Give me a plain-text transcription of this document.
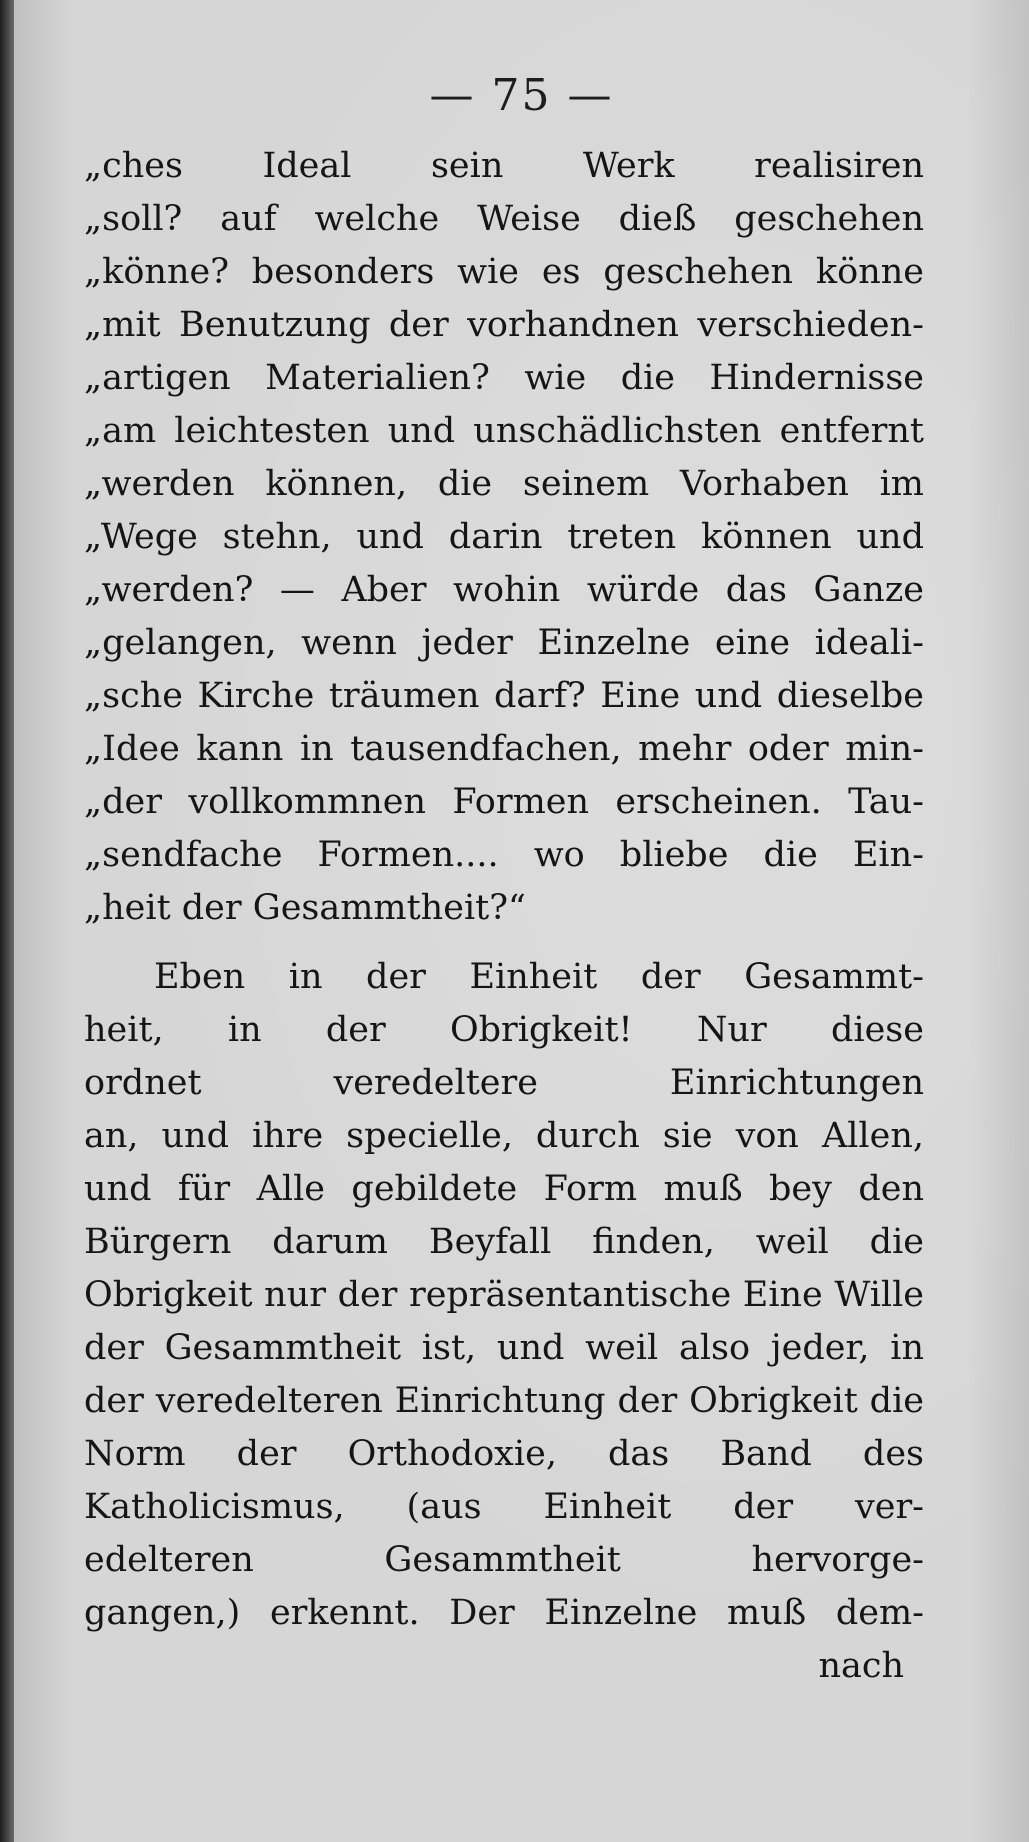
— 75 —
„ches Ideal sein Werk realisiren
„soll? auf welche Weise dieß geschehen
„könne? besonders wie es geschehen könne
„mit Benutzung der vorhandnen verschieden-
„artigen Materialien? wie die Hindernisse
„am leichtesten und unschädlichsten entfernt
„werden können, die seinem Vorhaben im
„Wege stehn, und darin treten können und
„werden? — Aber wohin würde das Ganze
„gelangen, wenn jeder Einzelne eine ideali-
„sche Kirche träumen darf? Eine und dieselbe
„Idee kann in tausendfachen, mehr oder min-
„der vollkommnen Formen erscheinen. Tau-
„sendfache Formen.... wo bliebe die Ein-
„heit der Gesammtheit?“
Eben in der Einheit der Gesammt-
heit, in der Obrigkeit! Nur diese
ordnet veredeltere Einrichtungen
an, und ihre specielle, durch sie von Allen,
und für Alle gebildete Form muß bey den
Bürgern darum Beyfall finden, weil die
Obrigkeit nur der repräsentantische Eine Wille
der Gesammtheit ist, und weil also jeder, in
der veredelteren Einrichtung der Obrigkeit die
Norm der Orthodoxie, das Band des
Katholicismus, (aus Einheit der ver-
edelteren Gesammtheit hervorge-
gangen,) erkennt. Der Einzelne muß dem-
nach
